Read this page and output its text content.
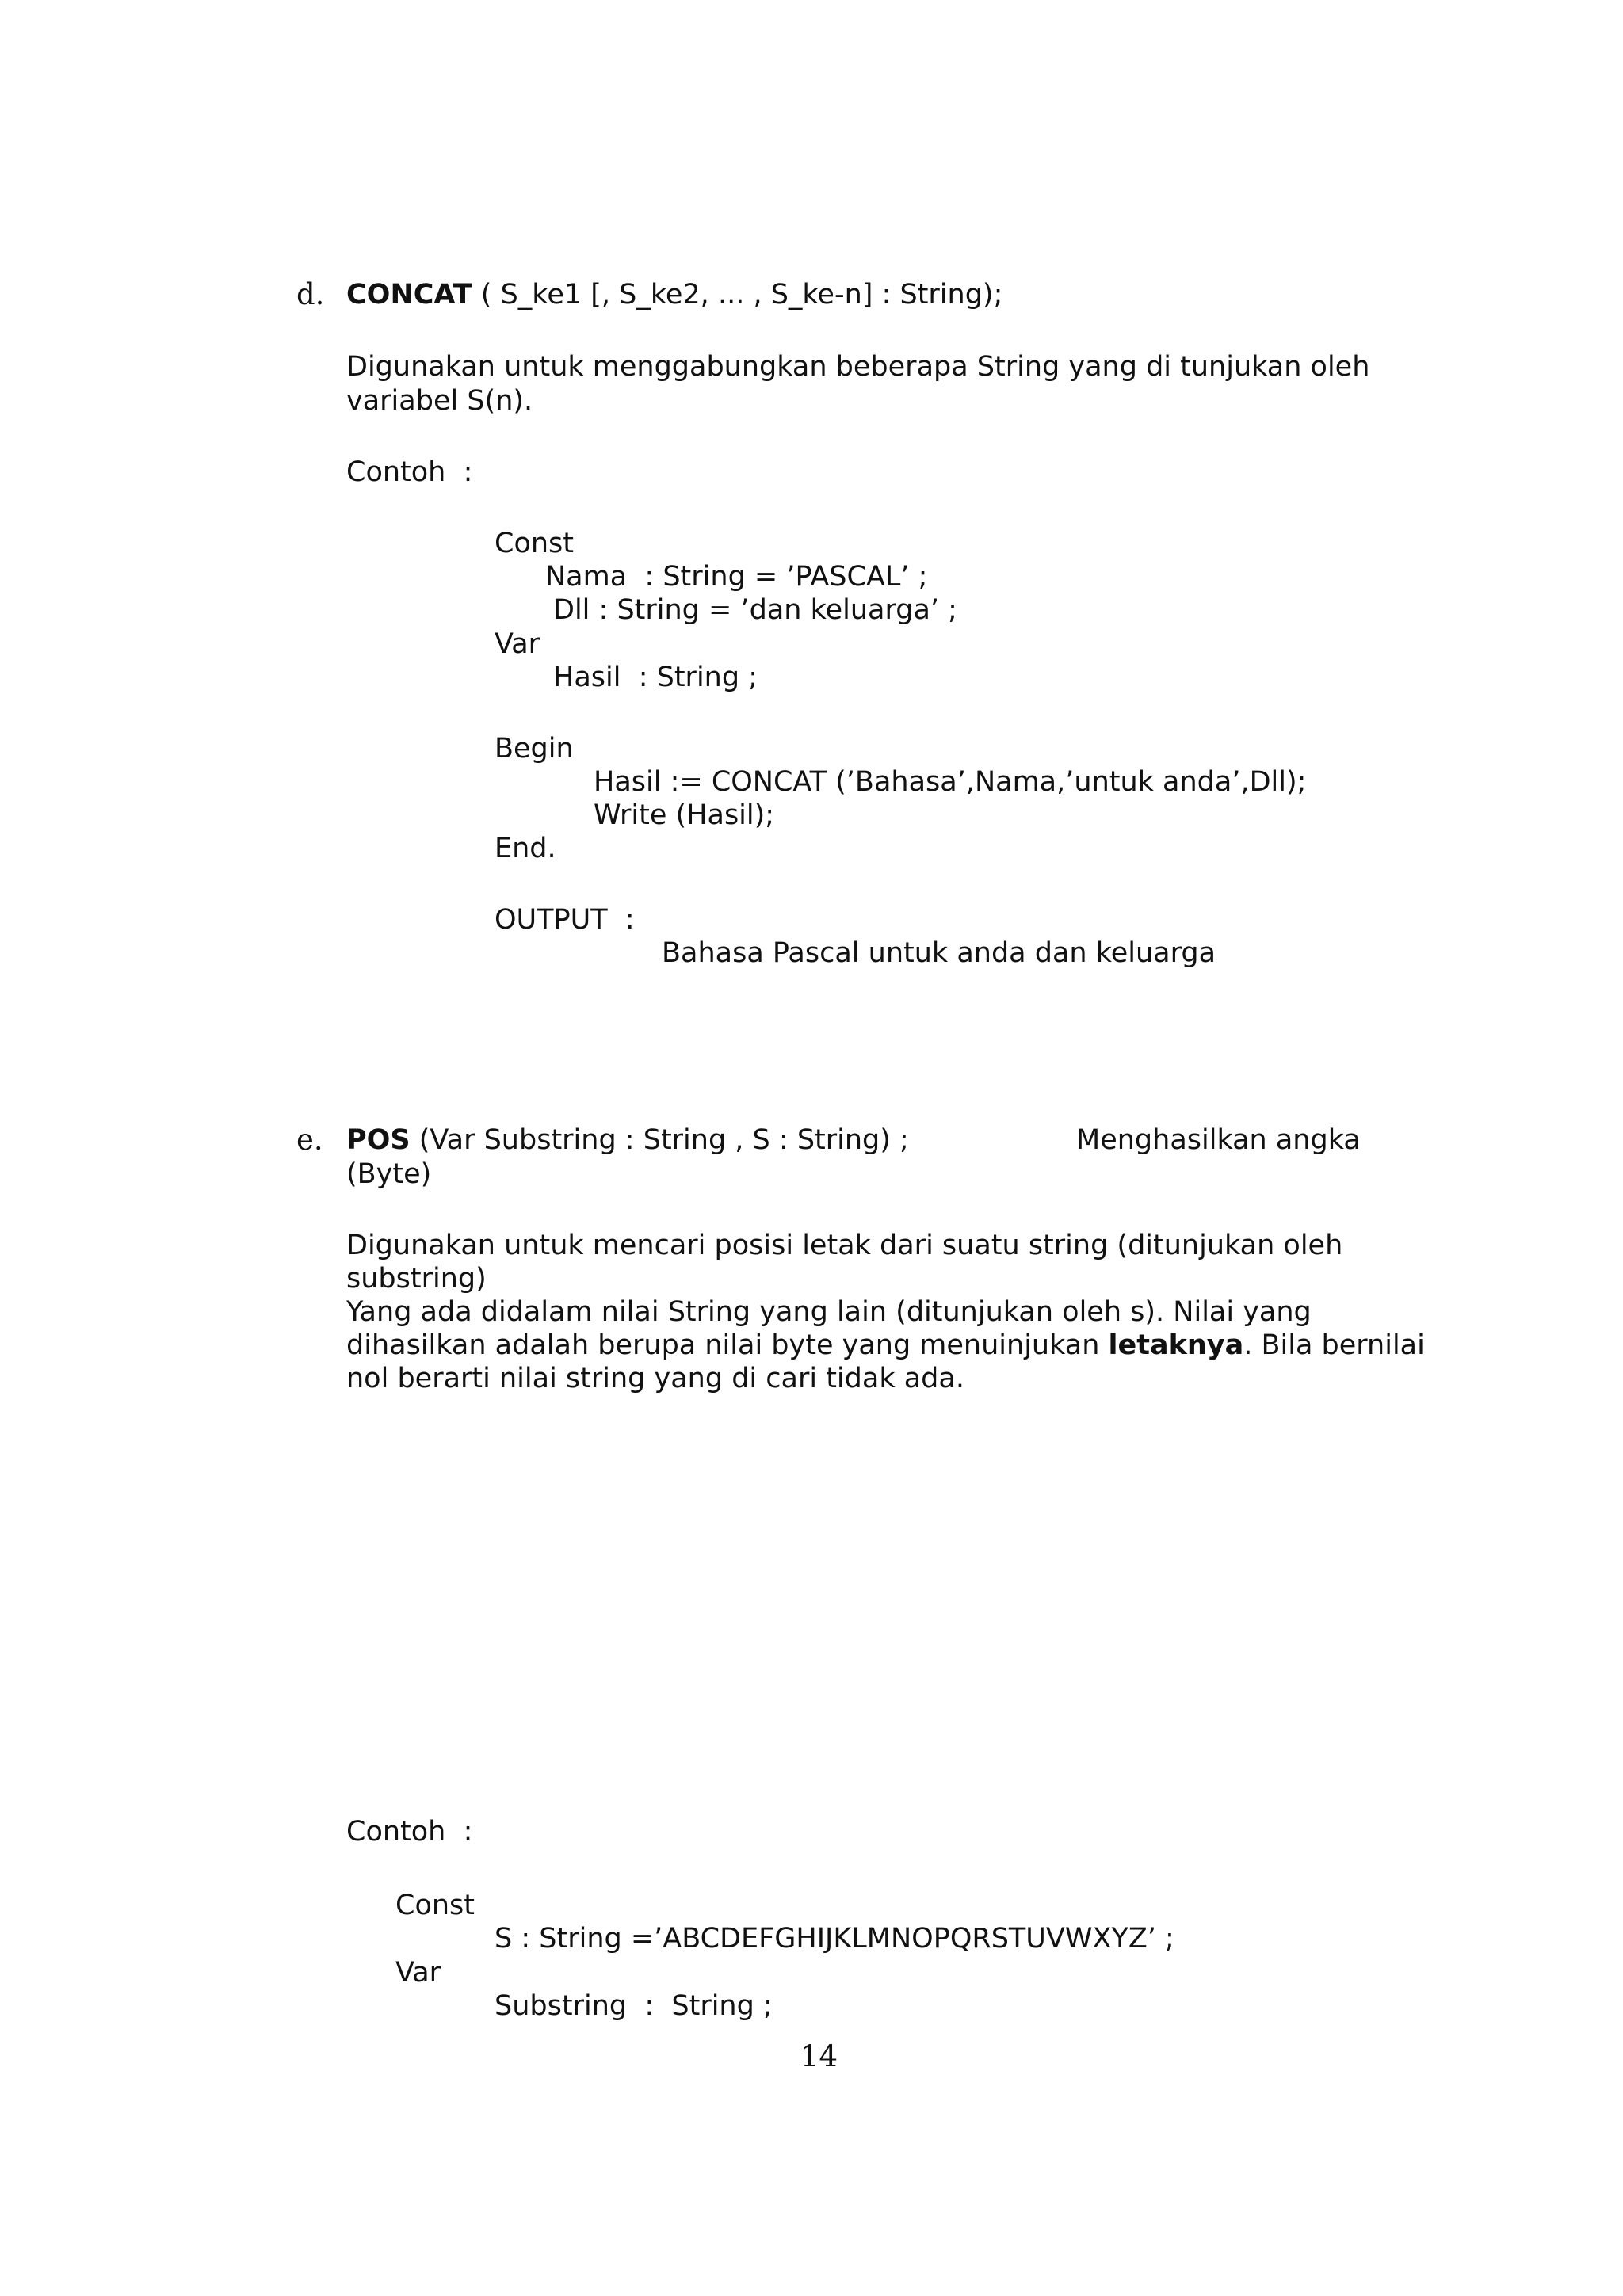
d. CONCAT ( S_ke1 [, S_ke2, ... , S_ke-n] : String);
Digunakan untuk menggabungkan beberapa String yang di tunjukan oleh
variabel S(n).
Contoh  :
Const
Nama  : String = ’PASCAL’ ;
Dll : String = ’dan keluarga’ ;
Var
Hasil  : String ;
Begin
Hasil := CONCAT (’Bahasa’,Nama,’untuk anda’,Dll);
Write (Hasil);
End.
OUTPUT  :
Bahasa Pascal untuk anda dan keluarga
e. POS (Var Substring : String , S : String) ;	Menghasilkan angka
(Byte)
Digunakan untuk mencari posisi letak dari suatu string (ditunjukan oleh
substring)
Yang ada didalam nilai String yang lain (ditunjukan oleh s). Nilai yang
dihasilkan adalah berupa nilai byte yang menuinjukan letaknya. Bila bernilai
nol berarti nilai string yang di cari tidak ada.
Contoh  :
Const
S : String =’ABCDEFGHIJKLMNOPQRSTUVWXYZ’ ;
Var
Substring  :  String ;
14
